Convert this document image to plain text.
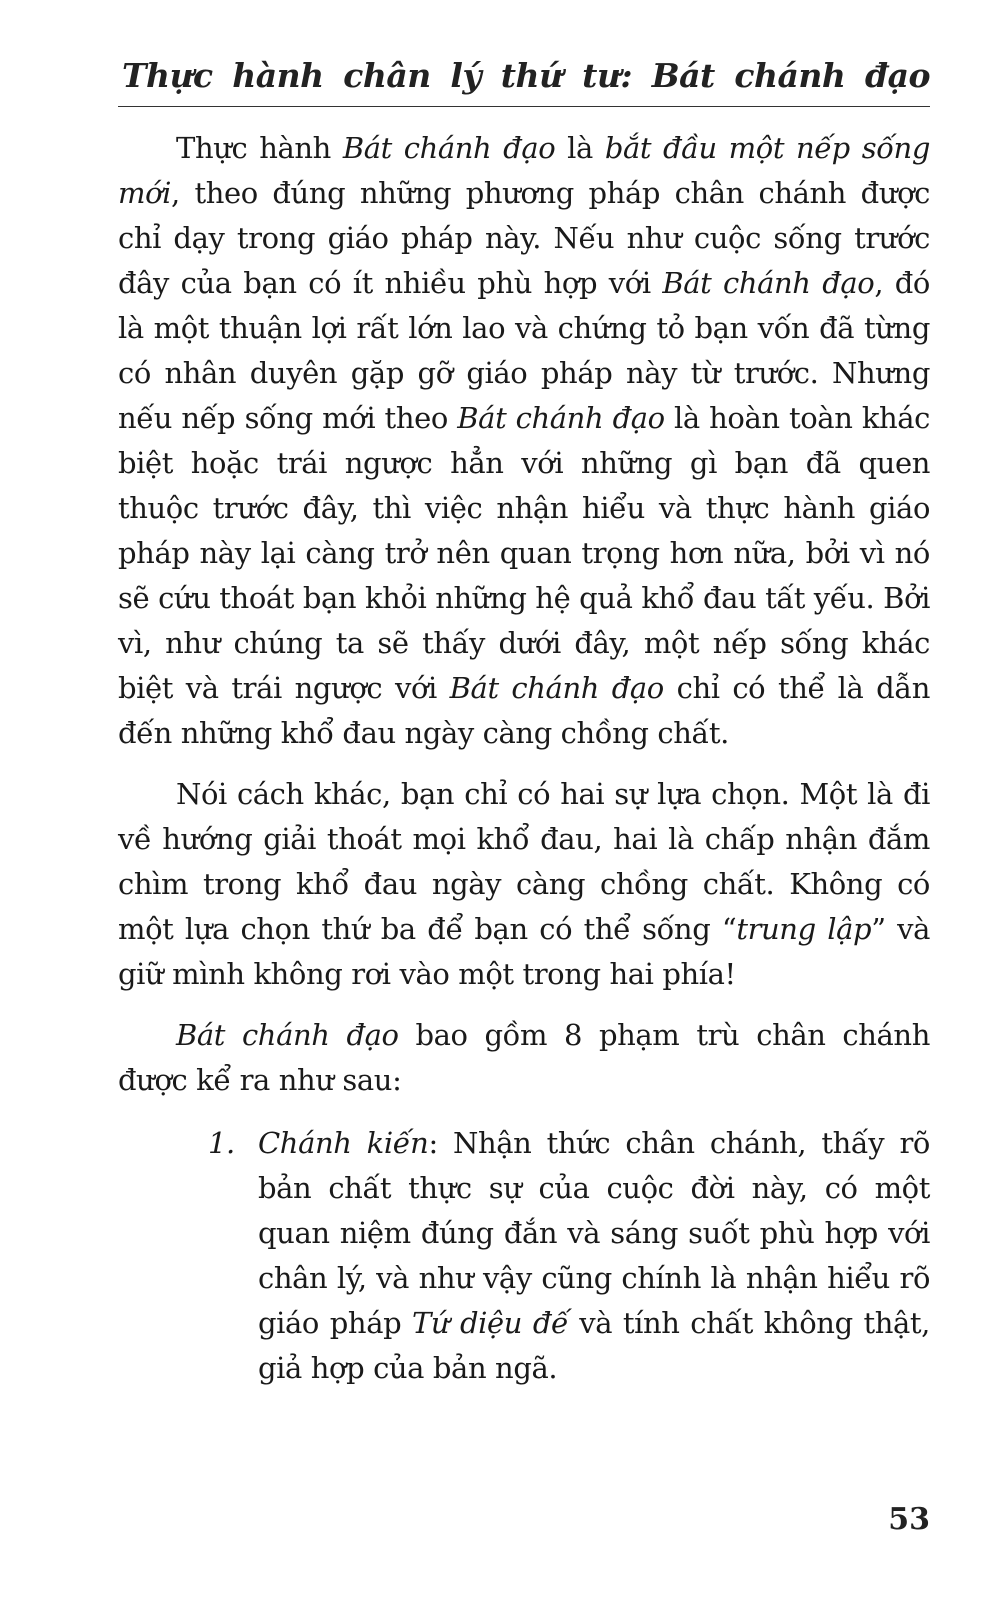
Thực hành chân lý thứ tư: Bát chánh đạo

Thực hành Bát chánh đạo là bắt đầu một nếp sống mới, theo đúng những phương pháp chân chánh được chỉ dạy trong giáo pháp này. Nếu như cuộc sống trước đây của bạn có ít nhiều phù hợp với Bát chánh đạo, đó là một thuận lợi rất lớn lao và chứng tỏ bạn vốn đã từng có nhân duyên gặp gỡ giáo pháp này từ trước. Nhưng nếu nếp sống mới theo Bát chánh đạo là hoàn toàn khác biệt hoặc trái ngược hẳn với những gì bạn đã quen thuộc trước đây, thì việc nhận hiểu và thực hành giáo pháp này lại càng trở nên quan trọng hơn nữa, bởi vì nó sẽ cứu thoát bạn khỏi những hệ quả khổ đau tất yếu. Bởi vì, như chúng ta sẽ thấy dưới đây, một nếp sống khác biệt và trái ngược với Bát chánh đạo chỉ có thể là dẫn đến những khổ đau ngày càng chồng chất.

Nói cách khác, bạn chỉ có hai sự lựa chọn. Một là đi về hướng giải thoát mọi khổ đau, hai là chấp nhận đắm chìm trong khổ đau ngày càng chồng chất. Không có một lựa chọn thứ ba để bạn có thể sống “trung lập” và giữ mình không rơi vào một trong hai phía!

Bát chánh đạo bao gồm 8 phạm trù chân chánh được kể ra như sau:

1. Chánh kiến: Nhận thức chân chánh, thấy rõ bản chất thực sự của cuộc đời này, có một quan niệm đúng đắn và sáng suốt phù hợp với chân lý, và như vậy cũng chính là nhận hiểu rõ giáo pháp Tứ diệu đế và tính chất không thật, giả hợp của bản ngã.
53
